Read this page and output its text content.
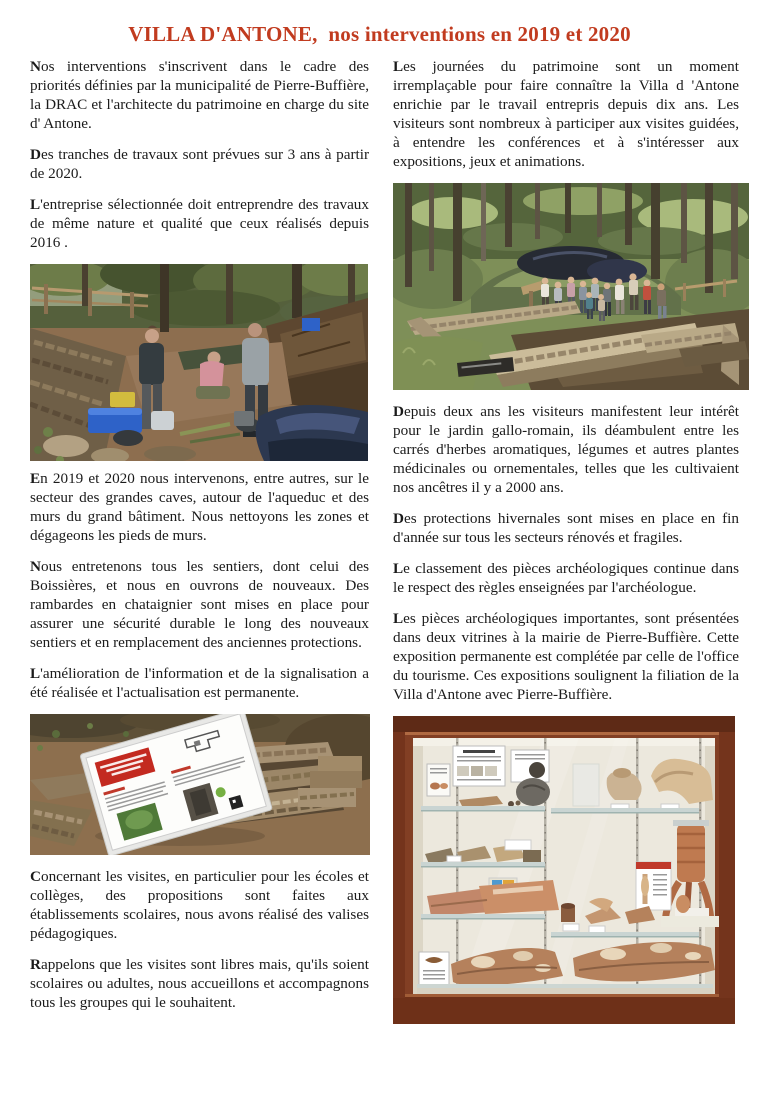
VILLA D'ANTONE,  nos interventions en 2019 et 2020

Nos interventions s'inscrivent dans le cadre des priorités définies par la municipalité de Pierre-Buffière, la DRAC et l'architecte du patrimoine en charge du site d' Antone.

Des tranches de travaux sont prévues sur 3 ans à partir de 2020.

L'entreprise sélectionnée doit entreprendre des travaux de même nature et qualité que ceux réalisés depuis 2016 .

En 2019 et 2020 nous intervenons, entre autres, sur le secteur des grandes caves, autour de l'aqueduc et des murs du grand bâtiment. Nous nettoyons les zones et dégageons les pieds de murs.

Nous entretenons tous les sentiers, dont celui des Boissières, et nous en ouvrons de nouveaux. Des rambardes en chataignier sont mises en place pour assurer une sécurité durable le long des nouveaux sentiers et en remplacement des anciennes protections.

L'amélioration de l'information et de la signalisation a été réalisée et l'actualisation est permanente.

Concernant les visites, en particulier pour les écoles et collèges, des propositions sont faites aux établissements scolaires, nous avons réalisé des valises pédagogiques.

Rappelons que les visites sont libres mais, qu'ils soient scolaires ou adultes, nous accueillons et accompagnons tous les groupes qui le souhaitent.

Les journées du patrimoine sont un moment irremplaçable pour faire connaître la Villa d 'Antone enrichie par le travail entrepris depuis dix ans. Les visiteurs sont nombreux à participer aux visites guidées, à entendre les conférences et à s'intéresser aux expositions, jeux et animations.

Depuis deux ans les visiteurs manifestent leur intérêt pour le jardin gallo-romain, ils déambulent entre les carrés d'herbes aromatiques, légumes et autres plantes médicinales ou ornementales, telles que les cultivaient nos ancêtres il y a 2000 ans.

Des protections hivernales sont mises en place en fin d'année sur tous les secteurs rénovés et fragiles.

Le classement des pièces archéologiques continue dans le respect des règles enseignées par l'archéologue.

Les pièces archéologiques importantes, sont présentées dans deux vitrines à la mairie de Pierre-Buffière. Cette exposition permanente est complétée par celle de l'office du tourisme. Ces expositions soulignent la filiation de la Villa d'Antone avec Pierre-Buffière.
